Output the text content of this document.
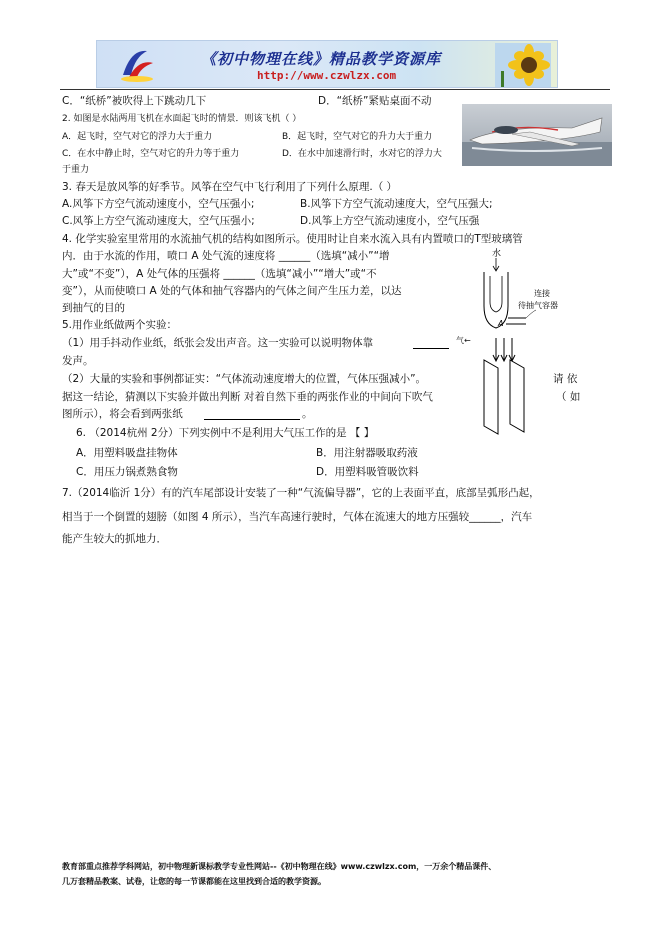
《初中物理在线》精品教学资源库
http://www.czwlzx.com
C．“纸桥”被吹得上下跳动几下	D．“纸桥”紧贴桌面不动
2. 如图是水陆两用飞机在水面起飞时的情景．则该飞机（ ）
A．起飞时，空气对它的浮力大于重力	B．起飞时，空气对它的升力大于重力
C．在水中静止时，空气对它的升力等于重力	D．在水中加速滑行时，水对它的浮力大
于重力
3. 春天是放风筝的好季节。风筝在空气中飞行利用了下列什么原理.（ ）
A.风筝下方空气流动速度小，空气压强小;	B.风筝下方空气流动速度大，空气压强大;
C.风筝上方空气流动速度大，空气压强小;	D.风筝上方空气流动速度小，空气压强
4. 化学实验室里常用的水流抽气机的结构如图所示。使用时让自来水流入具有内置喷口的T型玻璃管
内．由于水流的作用，喷口 A 处气流的速度将 ______（选填“减小”“增
大”或“不变”），A 处气体的压强将 ______（选填“减小”“增大”或“不
变”），从而使喷口 A 处的气体和抽气容器内的气体之间产生压力差，以达
到抽气的目的
水
A
连接
待抽气容器
5.用作业纸做两个实验：
（1）用手抖动作业纸，纸张会发出声音。这一实验可以说明物体靠	气←
发声。
（2）大量的实验和事例都证实：“气体流动速度增大的位置，气体压强减小”。	请 依
据这一结论，猜测以下实验并做出判断 对着自然下垂的两张作业的中间向下吹气	（ 如
图所示），将会看到两张纸	。
6. （2014杭州 2分）下列实例中不是利用大气压工作的是 【 】
A．用塑料吸盘挂物体	B．用注射器吸取药液
C．用压力锅煮熟食物	D．用塑料吸管吸饮料
7.（2014临沂 1分）有的汽车尾部设计安装了一种“气流偏导器”，它的上表面平直，底部呈弧形凸起，
相当于一个倒置的翅膀（如图 4 所示），当汽车高速行驶时，气体在流速大的地方压强较______，汽车
能产生较大的抓地力．
教育部重点推荐学科网站，初中物理新课标教学专业性网站--《初中物理在线》www.czwlzx.com，一万余个精品课件、
几万套精品教案、试卷，让您的每一节课都能在这里找到合适的教学资源。
